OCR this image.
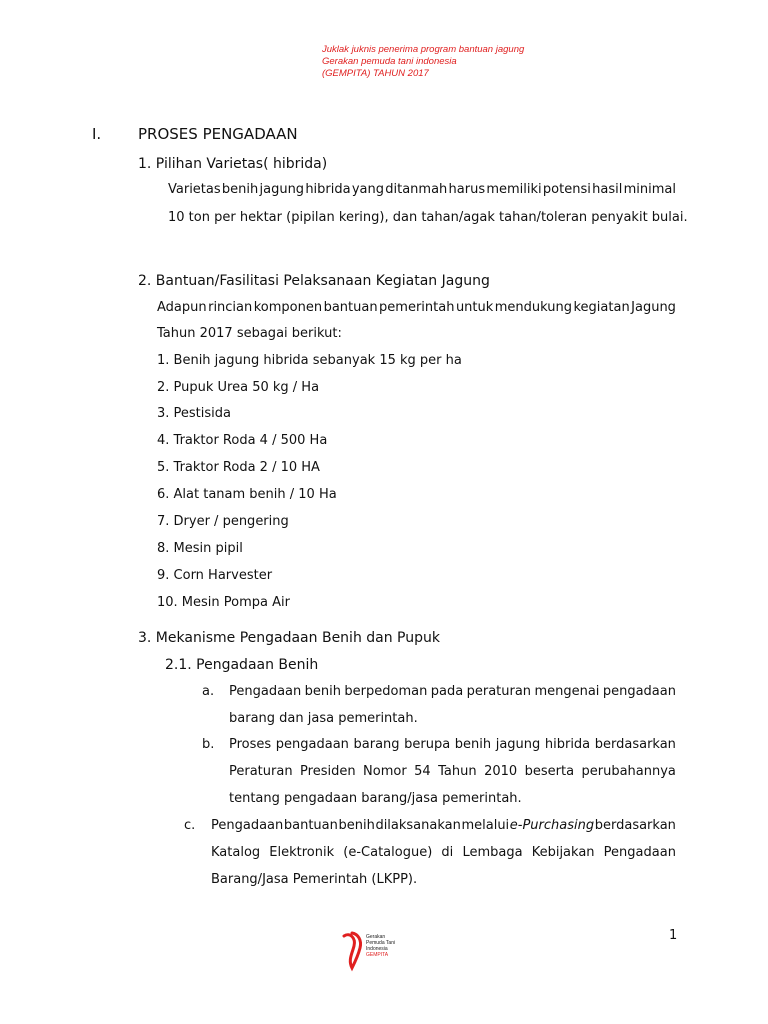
Juklak juknis penerima program bantuan jagung
Gerakan pemuda tani indonesia
(GEMPITA) TAHUN 2017
I. PROSES PENGADAAN
1. Pilihan Varietas( hibrida)
Varietas benih jagung hibrida yang ditanmah harus memiliki potensi hasil minimal
10 ton per hektar (pipilan kering), dan tahan/agak tahan/toleran penyakit bulai.
2. Bantuan/Fasilitasi Pelaksanaan Kegiatan Jagung
Adapun rincian komponen bantuan pemerintah untuk mendukung kegiatan Jagung
Tahun 2017 sebagai berikut:
1. Benih jagung hibrida sebanyak 15 kg per ha
2. Pupuk Urea 50 kg / Ha
3. Pestisida
4. Traktor Roda 4 / 500 Ha
5. Traktor Roda 2 / 10 HA
6. Alat tanam benih / 10 Ha
7. Dryer / pengering
8. Mesin pipil
9. Corn Harvester
10. Mesin Pompa Air
3. Mekanisme Pengadaan Benih dan Pupuk
2.1. Pengadaan Benih
a. Pengadaan benih berpedoman pada peraturan mengenai pengadaan
barang dan jasa pemerintah.
b. Proses pengadaan barang berupa benih jagung hibrida berdasarkan
Peraturan Presiden Nomor 54 Tahun 2010 beserta perubahannya
tentang pengadaan barang/jasa pemerintah.
c. Pengadaan bantuan benih dilaksanakan melalui e-Purchasing berdasarkan
Katalog Elektronik (e-Catalogue) di Lembaga Kebijakan Pengadaan
Barang/Jasa Pemerintah (LKPP).
1
Gerakan
Pemuda Tani
Indonesia
GEMPITA
